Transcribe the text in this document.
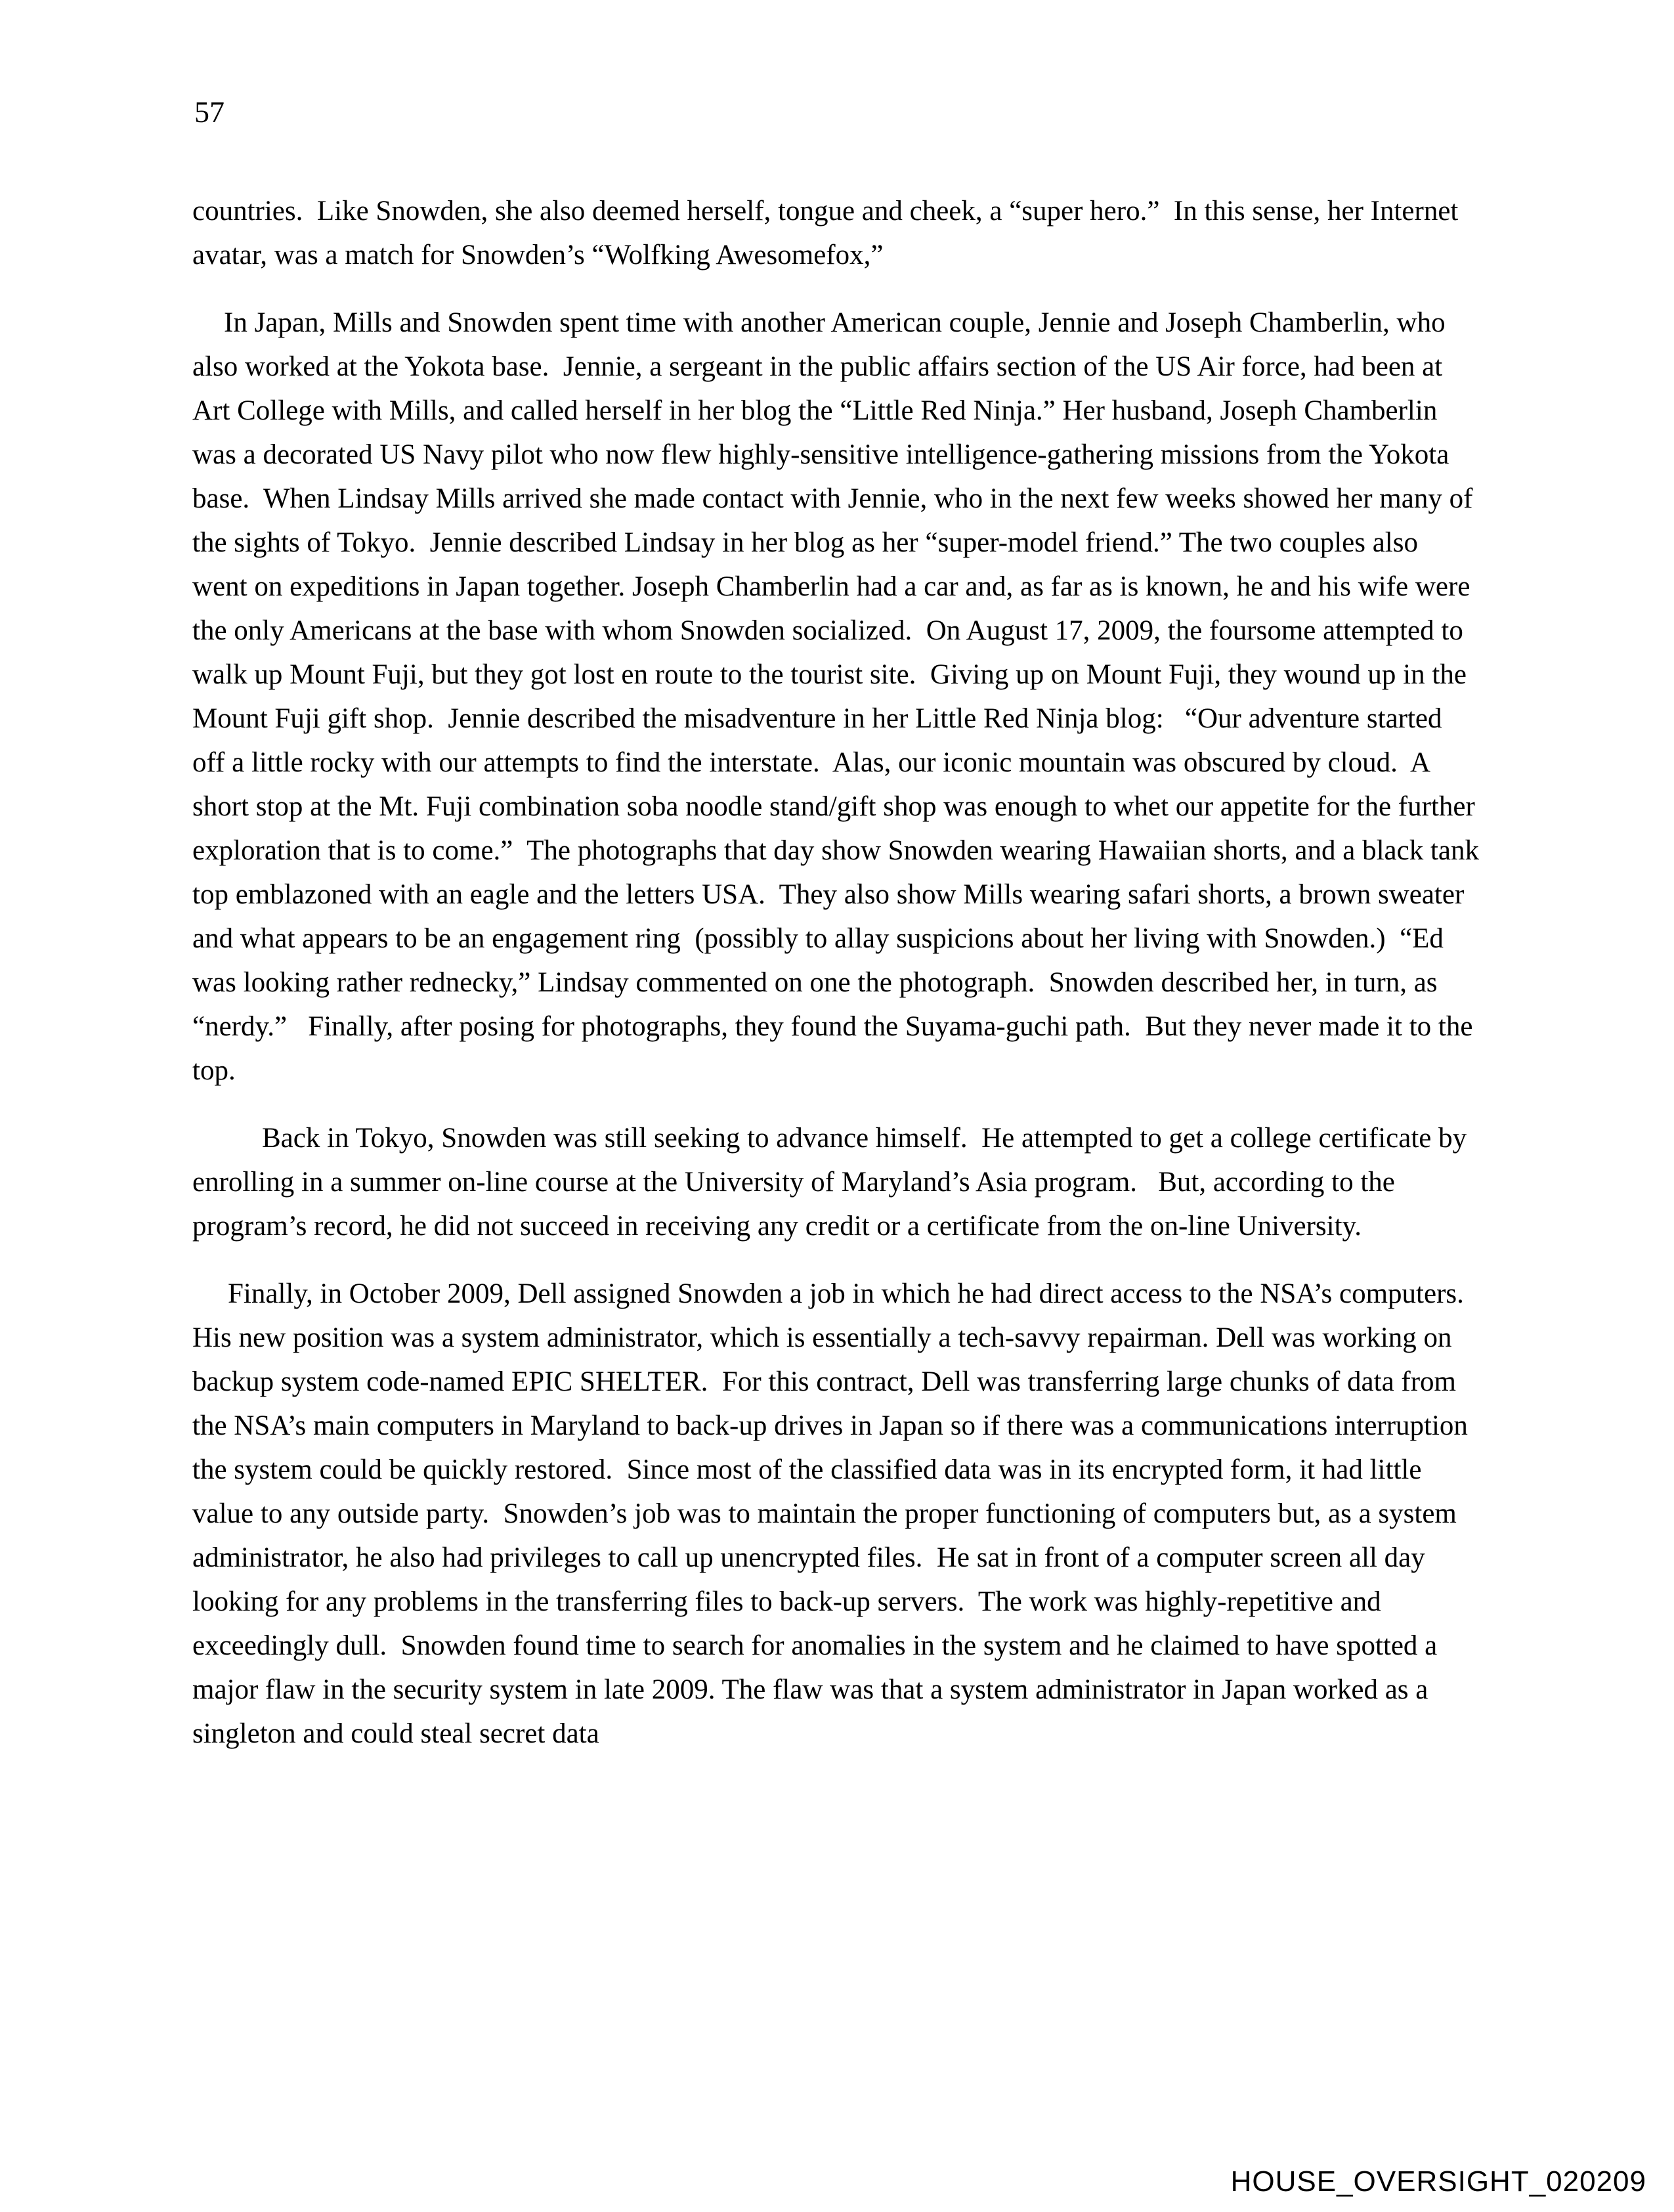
57

countries.  Like Snowden, she also deemed herself, tongue and cheek, a “super hero.”  In this sense, her Internet avatar, was a match for Snowden’s “Wolfking Awesomefox,”

In Japan, Mills and Snowden spent time with another American couple, Jennie and Joseph Chamberlin, who also worked at the Yokota base.  Jennie, a sergeant in the public affairs section of the US Air force, had been at Art College with Mills, and called herself in her blog the “Little Red Ninja.” Her husband, Joseph Chamberlin was a decorated US Navy pilot who now flew highly-sensitive intelligence-gathering missions from the Yokota base.  When Lindsay Mills arrived she made contact with Jennie, who in the next few weeks showed her many of the sights of Tokyo.  Jennie described Lindsay in her blog as her “super-model friend.” The two couples also went on expeditions in Japan together. Joseph Chamberlin had a car and, as far as is known, he and his wife were the only Americans at the base with whom Snowden socialized.  On August 17, 2009, the foursome attempted to walk up Mount Fuji, but they got lost en route to the tourist site.  Giving up on Mount Fuji, they wound up in the Mount Fuji gift shop.  Jennie described the misadventure in her Little Red Ninja blog:   “Our adventure started off a little rocky with our attempts to find the interstate.  Alas, our iconic mountain was obscured by cloud.  A short stop at the Mt. Fuji combination soba noodle stand/gift shop was enough to whet our appetite for the further exploration that is to come.”  The photographs that day show Snowden wearing Hawaiian shorts, and a black tank top emblazoned with an eagle and the letters USA.  They also show Mills wearing safari shorts, a brown sweater and what appears to be an engagement ring  (possibly to allay suspicions about her living with Snowden.)  “Ed was looking rather rednecky,” Lindsay commented on one the photograph.  Snowden described her, in turn, as “nerdy.”   Finally, after posing for photographs, they found the Suyama-guchi path.  But they never made it to the top.

Back in Tokyo, Snowden was still seeking to advance himself.  He attempted to get a college certificate by enrolling in a summer on-line course at the University of Maryland’s Asia program.   But, according to the program’s record, he did not succeed in receiving any credit or a certificate from the on-line University.

Finally, in October 2009, Dell assigned Snowden a job in which he had direct access to the NSA’s computers. His new position was a system administrator, which is essentially a tech-savvy repairman. Dell was working on backup system code-named EPIC SHELTER.  For this contract, Dell was transferring large chunks of data from the NSA’s main computers in Maryland to back-up drives in Japan so if there was a communications interruption the system could be quickly restored.  Since most of the classified data was in its encrypted form, it had little value to any outside party.  Snowden’s job was to maintain the proper functioning of computers but, as a system administrator, he also had privileges to call up unencrypted files.  He sat in front of a computer screen all day looking for any problems in the transferring files to back-up servers.  The work was highly-repetitive and exceedingly dull.  Snowden found time to search for anomalies in the system and he claimed to have spotted a major flaw in the security system in late 2009. The flaw was that a system administrator in Japan worked as a singleton and could steal secret data

HOUSE_OVERSIGHT_020209
